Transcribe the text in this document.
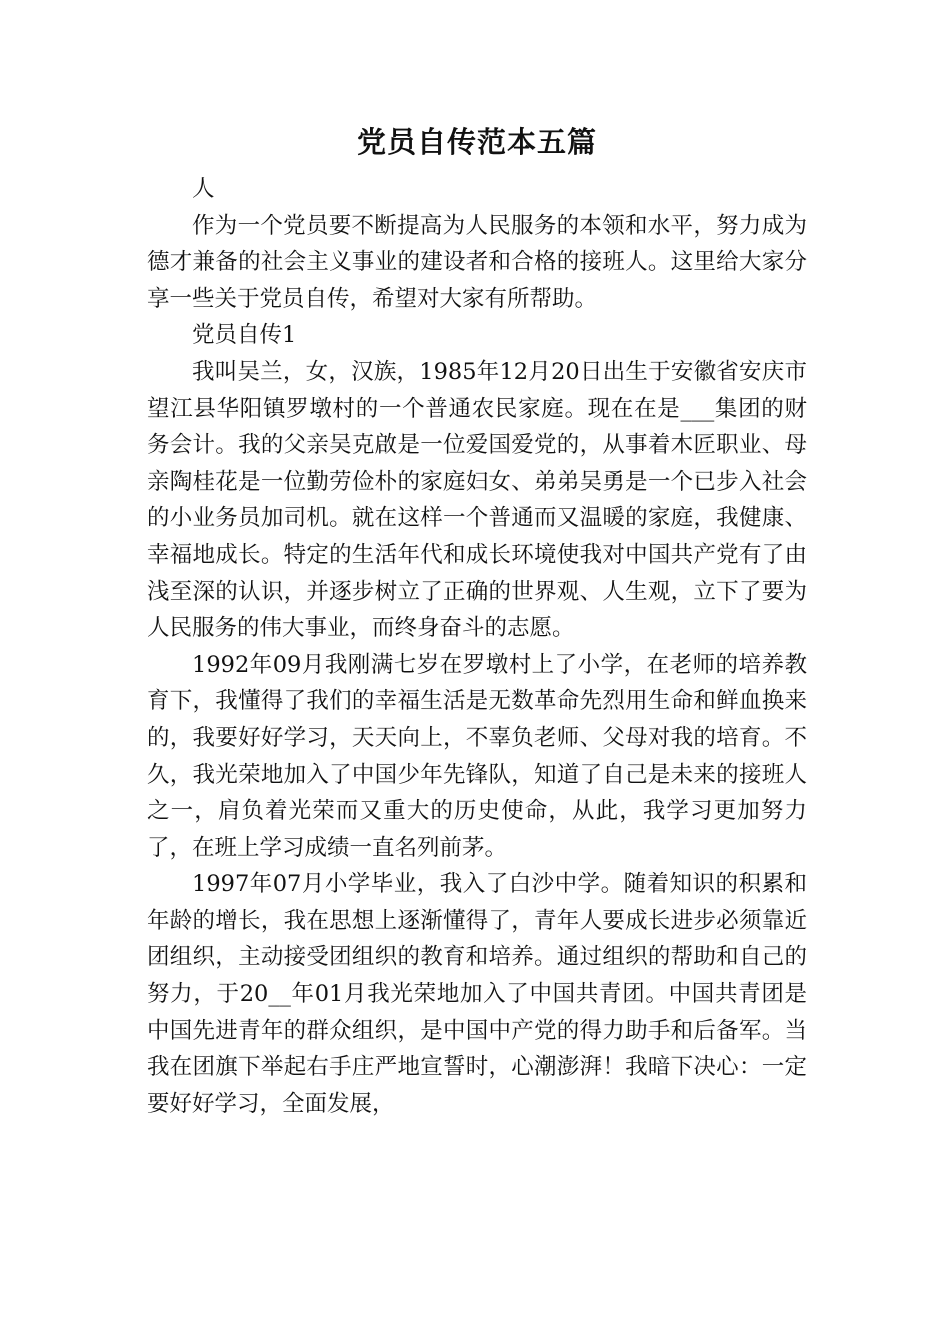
党员自传范本五篇

人

作为一个党员要不断提高为人民服务的本领和水平，努力成为德才兼备的社会主义事业的建设者和合格的接班人。这里给大家分享一些关于党员自传，希望对大家有所帮助。

党员自传1

我叫吴兰，女，汉族，1985年12月20日出生于安徽省安庆市望江县华阳镇罗墩村的一个普通农民家庭。现在在是___集团的财务会计。我的父亲吴克啟是一位爱国爱党的，从事着木匠职业、母亲陶桂花是一位勤劳俭朴的家庭妇女、弟弟吴勇是一个已步入社会的小业务员加司机。就在这样一个普通而又温暖的家庭，我健康、幸福地成长。特定的生活年代和成长环境使我对中国共产党有了由浅至深的认识，并逐步树立了正确的世界观、人生观，立下了要为人民服务的伟大事业，而终身奋斗的志愿。

1992年09月我刚满七岁在罗墩村上了小学，在老师的培养教育下，我懂得了我们的幸福生活是无数革命先烈用生命和鲜血换来的，我要好好学习，天天向上，不辜负老师、父母对我的培育。不久，我光荣地加入了中国少年先锋队，知道了自己是未来的接班人之一，肩负着光荣而又重大的历史使命，从此，我学习更加努力了，在班上学习成绩一直名列前茅。

1997年07月小学毕业，我入了白沙中学。随着知识的积累和年龄的增长，我在思想上逐渐懂得了，青年人要成长进步必须靠近团组织，主动接受团组织的教育和培养。通过组织的帮助和自己的努力，于20__年01月我光荣地加入了中国共青团。中国共青团是中国先进青年的群众组织，是中国中产党的得力助手和后备军。当我在团旗下举起右手庄严地宣誓时，心潮澎湃！我暗下决心：一定要好好学习，全面发展，
